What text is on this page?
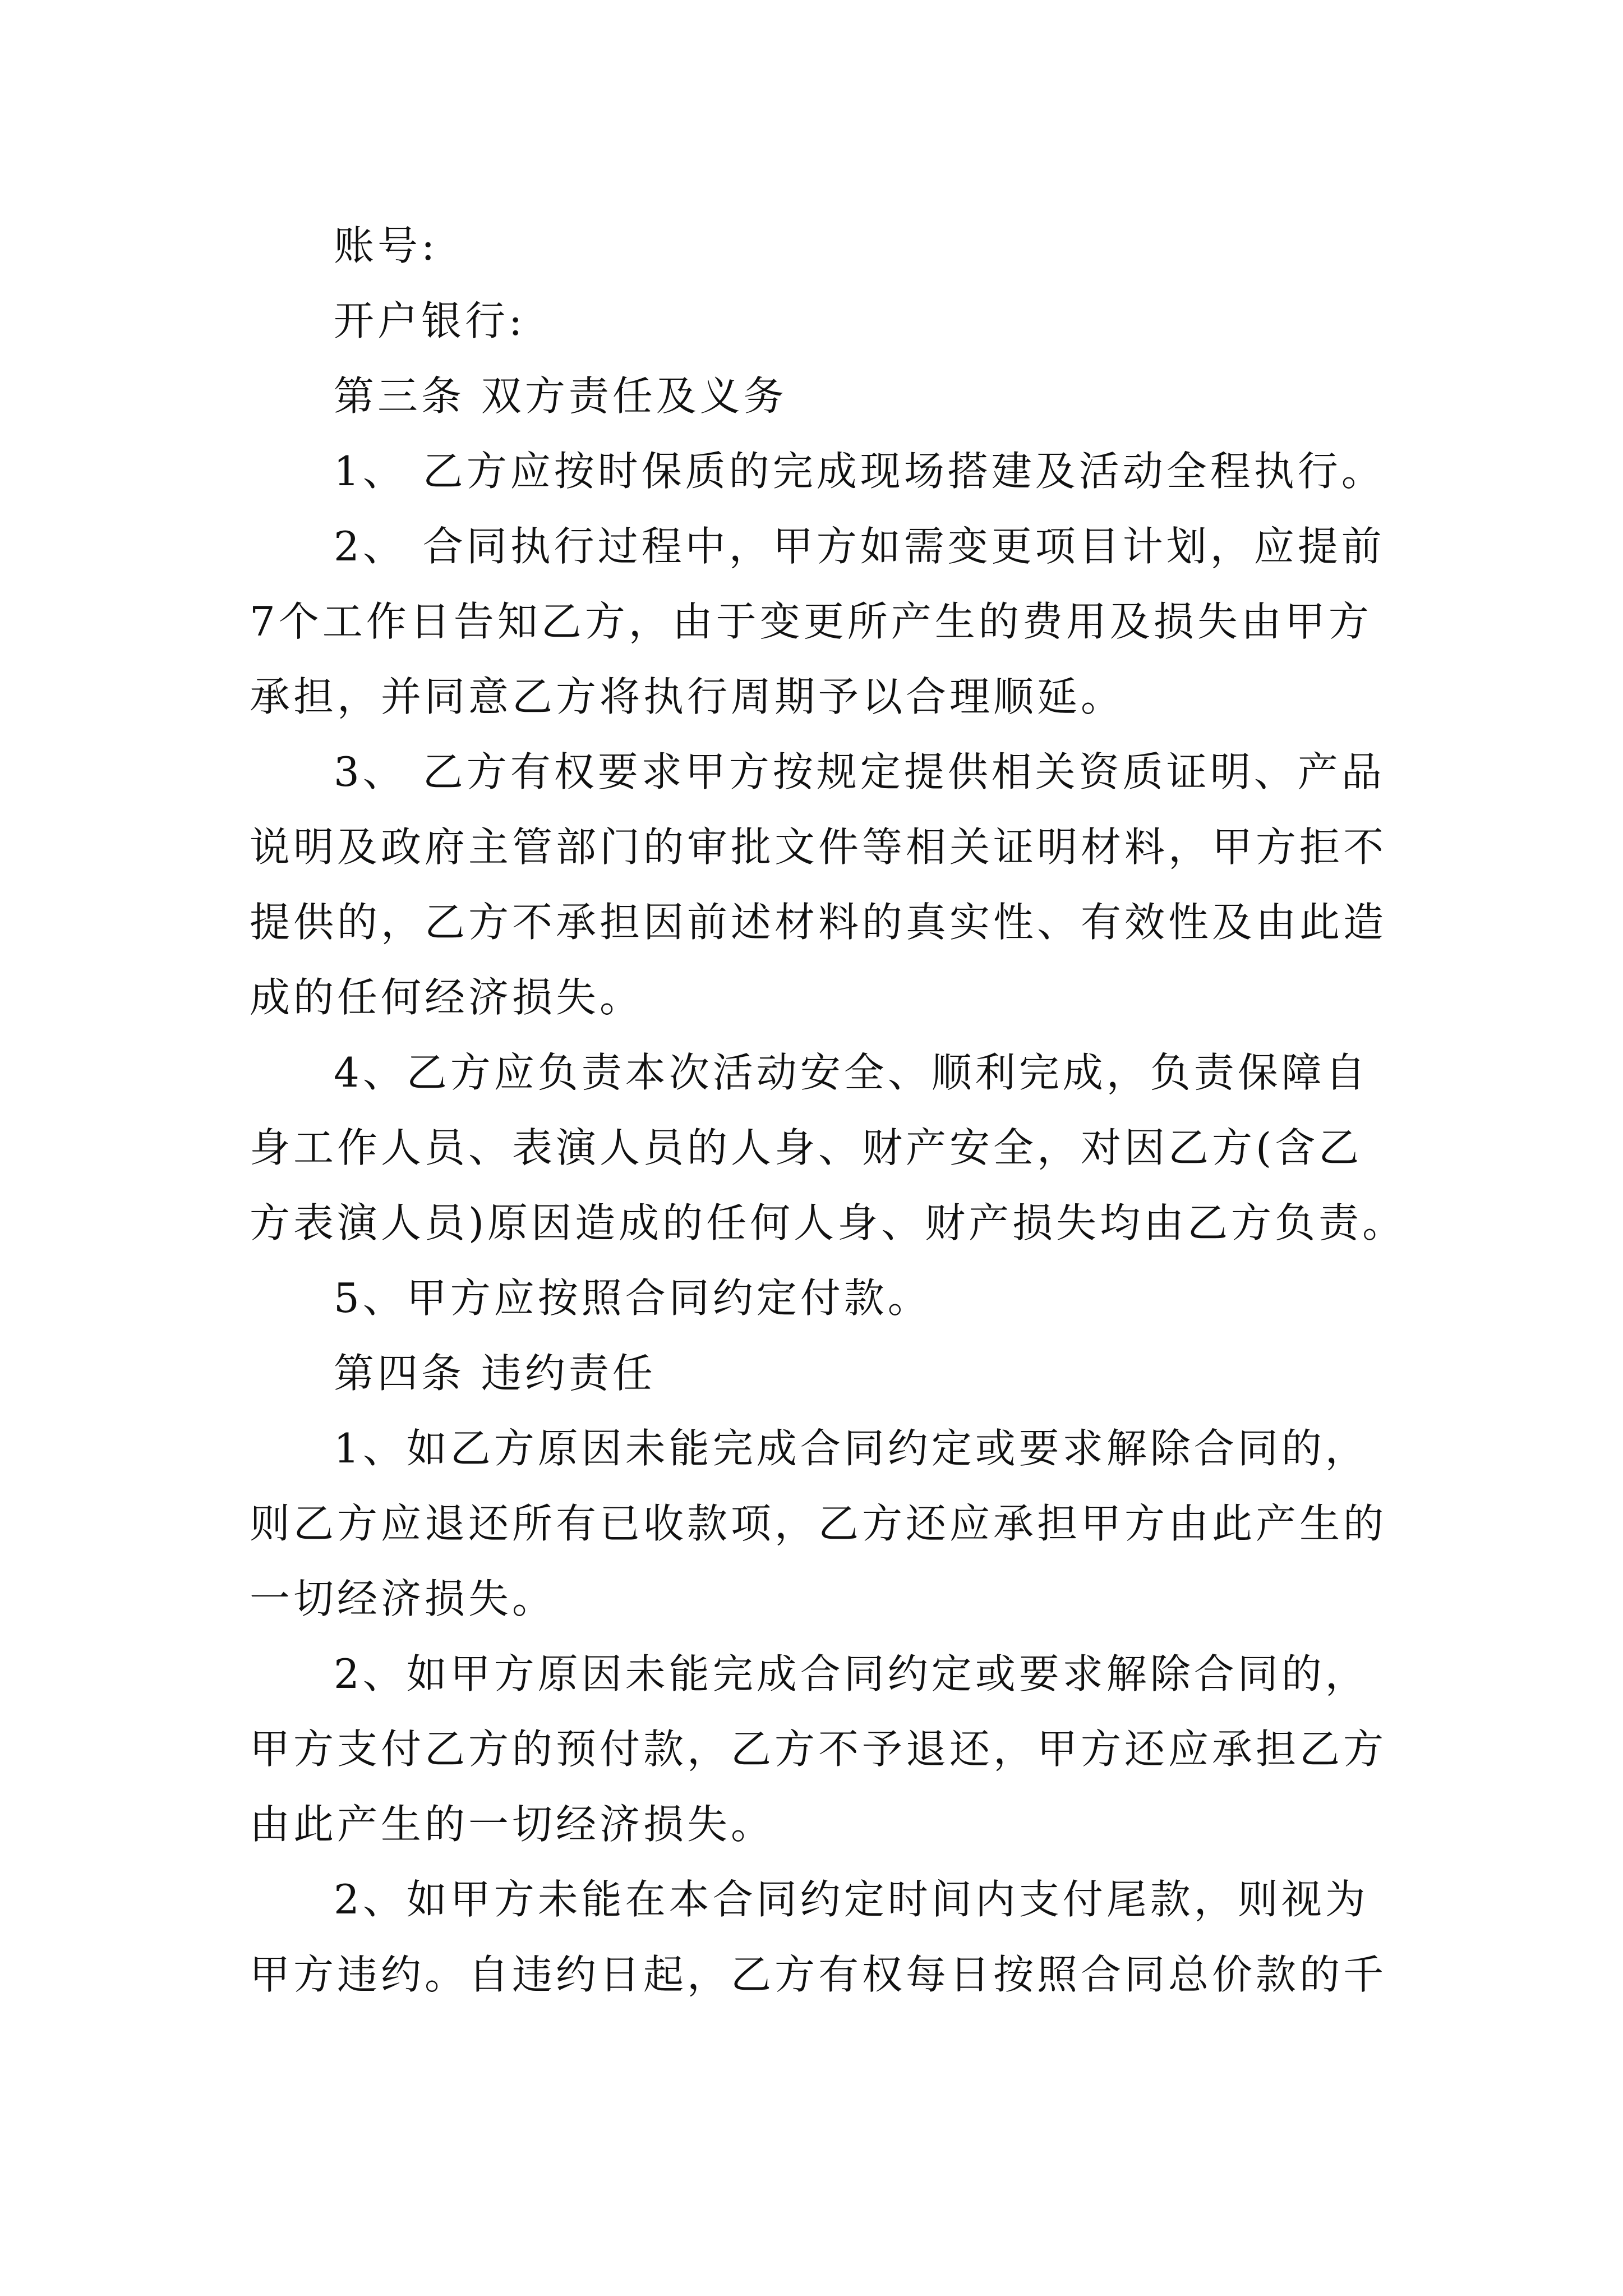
账号:
开户银行:
第三条 双方责任及义务
1、 乙方应按时保质的完成现场搭建及活动全程执行。
2、 合同执行过程中，甲方如需变更项目计划，应提前
7个工作日告知乙方，由于变更所产生的费用及损失由甲方
承担，并同意乙方将执行周期予以合理顺延。
3、 乙方有权要求甲方按规定提供相关资质证明、产品
说明及政府主管部门的审批文件等相关证明材料，甲方拒不
提供的，乙方不承担因前述材料的真实性、有效性及由此造
成的任何经济损失。
4、乙方应负责本次活动安全、顺利完成，负责保障自
身工作人员、表演人员的人身、财产安全，对因乙方(含乙
方表演人员)原因造成的任何人身、财产损失均由乙方负责。
5、甲方应按照合同约定付款。
第四条 违约责任
1、如乙方原因未能完成合同约定或要求解除合同的，
则乙方应退还所有已收款项，乙方还应承担甲方由此产生的
一切经济损失。
2、如甲方原因未能完成合同约定或要求解除合同的，
甲方支付乙方的预付款，乙方不予退还，甲方还应承担乙方
由此产生的一切经济损失。
2、如甲方未能在本合同约定时间内支付尾款，则视为
甲方违约。自违约日起，乙方有权每日按照合同总价款的千
